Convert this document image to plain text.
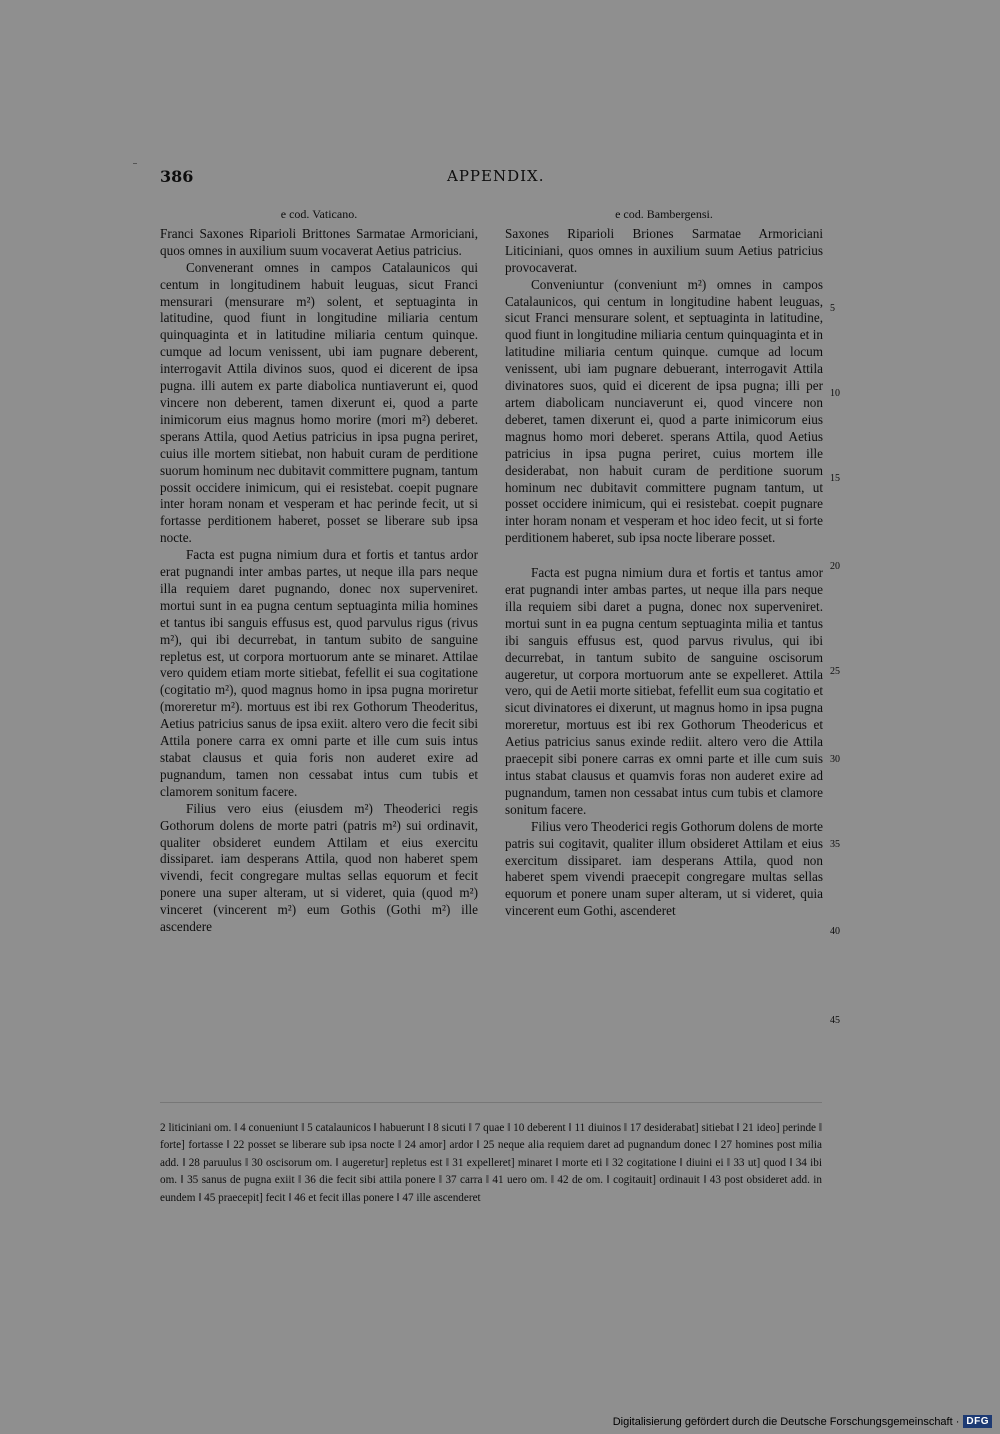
386	APPENDIX.
e cod. Vaticano.

Franci Saxones Riparioli Brittones Sarmatae Armoriciani, quos omnes in auxilium suum vocaverat Aetius patricius.

Convenerant omnes in campos Catalaunicos qui centum in longitudinem habuit leuguas, sicut Franci mensurari (mensurare m²) solent, et septuaginta in latitudine, quod fiunt in longitudine miliaria centum quinquaginta et in latitudine miliaria centum quinque. cumque ad locum venissent, ubi iam pugnare deberent, interrogavit Attila divinos suos, quod ei dicerent de ipsa pugna. illi autem ex parte diabolica nuntiaverunt ei, quod vincere non deberent, tamen dixerunt ei, quod a parte inimicorum eius magnus homo morire (mori m²) deberet. sperans Attila, quod Aetius patricius in ipsa pugna periret, cuius ille mortem sitiebat, non habuit curam de perditione suorum hominum nec dubitavit committere pugnam, tantum possit occidere inimicum, qui ei resistebat. coepit pugnare inter horam nonam et vesperam et hac perinde fecit, ut si fortasse perditionem haberet, posset se liberare sub ipsa nocte.

Facta est pugna nimium dura et fortis et tantus ardor erat pugnandi inter ambas partes, ut neque illa pars neque illa requiem daret pugnando, donec nox superveniret. mortui sunt in ea pugna centum septuaginta milia homines et tantus ibi sanguis effusus est, quod parvulus rigus (rivus m²), qui ibi decurrebat, in tantum subito de sanguine repletus est, ut corpora mortuorum ante se minaret. Attilae vero quidem etiam morte sitiebat, fefellit ei sua cogitatione (cogitatio m²), quod magnus homo in ipsa pugna moriretur (moreretur m²). mortuus est ibi rex Gothorum Theoderitus, Aetius patricius sanus de ipsa exiit. altero vero die fecit sibi Attila ponere carra ex omni parte et ille cum suis intus stabat clausus et quia foris non auderet exire ad pugnandum, tamen non cessabat intus cum tubis et clamorem sonitum facere.

Filius vero eius (eiusdem m²) Theoderici regis Gothorum dolens de morte patri (patris m²) sui ordinavit, qualiter obsideret eundem Attilam et eius exercitu dissiparet. iam desperans Attila, quod non haberet spem vivendi, fecit congregare multas sellas equorum et fecit ponere una super alteram, ut si videret, quia (quod m²) vinceret (vincerent m²) eum Gothis (Gothi m²) ille ascendere

e cod. Bambergensi.

Saxones Riparioli Briones Sarmatae Armoriciani Liticiniani, quos omnes in auxilium suum Aetius patricius provocaverat.

Conveniuntur (conveniunt m²) omnes in campos Catalaunicos, qui centum in longitudine habent leuguas, sicut Franci mensurare solent, et septuaginta in latitudine, quod fiunt in longitudine miliaria centum quinquaginta et in latitudine miliaria centum quinque. cumque ad locum venissent, ubi iam pugnare debuerant, interrogavit Attila divinatores suos, quid ei dicerent de ipsa pugna; illi per artem diabolicam nunciaverunt ei, quod vincere non deberet, tamen dixerunt ei, quod a parte inimicorum eius magnus homo mori deberet. sperans Attila, quod Aetius patricius in ipsa pugna periret, cuius mortem ille desiderabat, non habuit curam de perditione suorum hominum nec dubitavit committere pugnam tantum, ut posset occidere inimicum, qui ei resistebat. coepit pugnare inter horam nonam et vesperam et hoc ideo fecit, ut si forte perditionem haberet, sub ipsa nocte liberare posset.

Facta est pugna nimium dura et fortis et tantus amor erat pugnandi inter ambas partes, ut neque illa pars neque illa requiem sibi daret a pugna, donec nox superveniret. mortui sunt in ea pugna centum septuaginta milia et tantus ibi sanguis effusus est, quod parvus rivulus, qui ibi decurrebat, in tantum subito de sanguine oscisorum augeretur, ut corpora mortuorum ante se expelleret. Attila vero, qui de Aetii morte sitiebat, fefellit eum sua cogitatio et sicut divinatores ei dixerunt, ut magnus homo in ipsa pugna moreretur, mortuus est ibi rex Gothorum Theodericus et Aetius patricius sanus exinde rediit. altero vero die Attila praecepit sibi ponere carras ex omni parte et ille cum suis intus stabat clausus et quamvis foras non auderet exire ad pugnandum, tamen non cessabat intus cum tubis et clamore sonitum facere.

Filius vero Theoderici regis Gothorum dolens de morte patris sui cogitavit, qualiter illum obsideret Attilam et eius exercitum dissiparet. iam desperans Attila, quod non haberet spem vivendi praecepit congregare multas sellas equorum et ponere unam super alteram, ut si videret, quia vincerent eum Gothi, ascenderet

5
10
15
20
25
30
35
40
45
2 liticiniani om. ‖ 4 conueniunt ‖ 5 catalaunicos ‖ habuerunt ‖ 8 sicuti ‖ 7 quae ‖ 10 deberent ‖ 11 diuinos ‖ 17 desiderabat] sitiebat ‖ 21 ideo] perinde ‖ forte] fortasse ‖ 22 posset se liberare sub ipsa nocte ‖ 24 amor] ardor ‖ 25 neque alia requiem daret ad pugnandum donec ‖ 27 homines post milia add. ‖ 28 paruulus ‖ 30 oscisorum om. ‖ augeretur] repletus est ‖ 31 expelleret] minaret ‖ morte eti ‖ 32 cogitatione ‖ diuini ei ‖ 33 ut] quod ‖ 34 ibi om. ‖ 35 sanus de pugna exiit ‖ 36 die fecit sibi attila ponere ‖ 37 carra ‖ 41 uero om. ‖ 42 de om. ‖ cogitauit] ordinauit ‖ 43 post obsideret add. in eundem ‖ 45 praecepit] fecit ‖ 46 et fecit illas ponere ‖ 47 ille ascenderet
Digitalisierung gefördert durch die Deutsche Forschungsgemeinschaft · DFG
